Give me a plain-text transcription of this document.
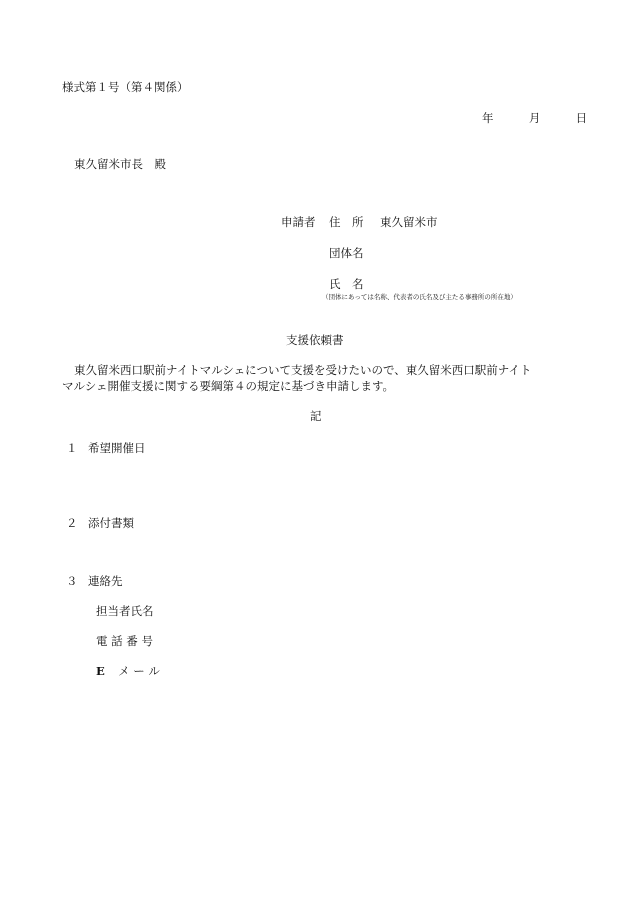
様式第１号（第４関係）
年	月	日
東久留米市長　殿
申請者 住　所 東久留米市
団体名
氏　名
（団体にあっては名称、代表者の氏名及び主たる事務所の所在地）
支援依頼書
東久留米西口駅前ナイトマルシェについて支援を受けたいので、東久留米西口駅前ナイト
マルシェ開催支援に関する要綱第４の規定に基づき申請します。
記
１ 希望開催日
２ 添付書類
３ 連絡先
担当者氏名
電 話 番 号
E メ ー ル
